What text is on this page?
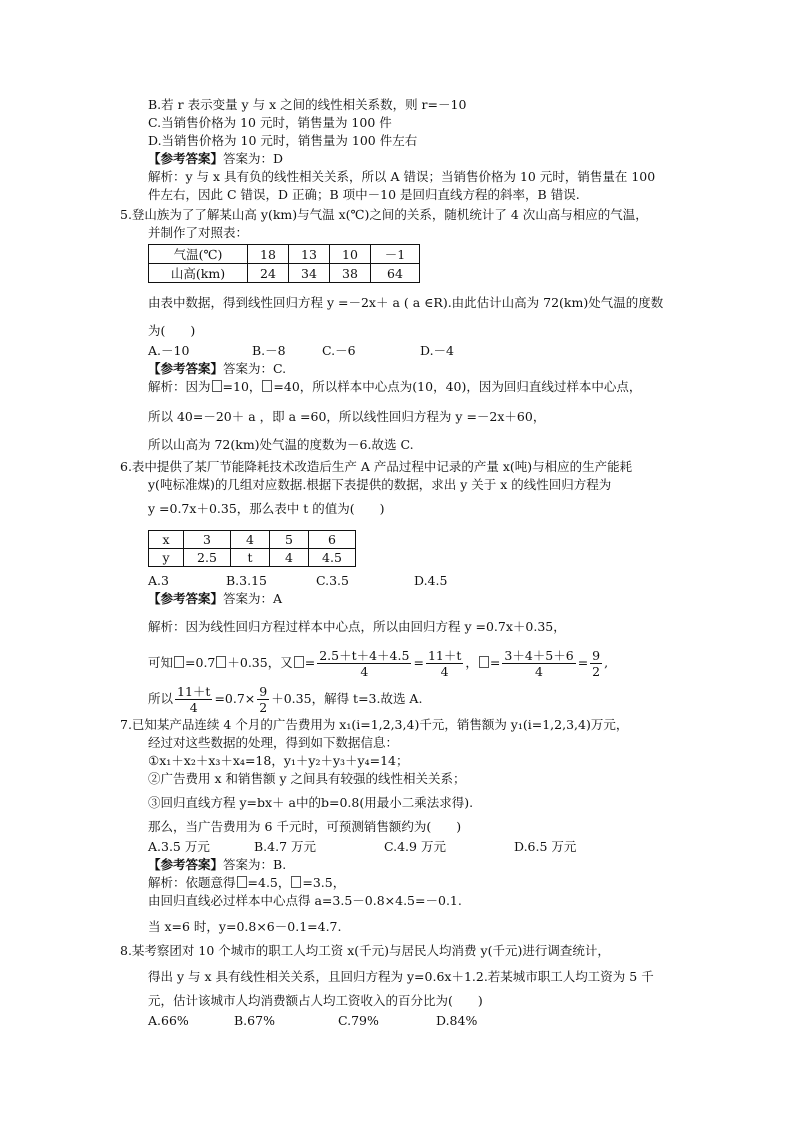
B.若 r 表示变量 y 与 x 之间的线性相关系数，则 r=－10
C.当销售价格为 10 元时，销售量为 100 件
D.当销售价格为 10 元时，销售量为 100 件左右
【参考答案】答案为：D
解析：y 与 x 具有负的线性相关关系，所以 A 错误；当销售价格为 10 元时，销售量在 100
件左右，因此 C 错误，D 正确；B 项中－10 是回归直线方程的斜率，B 错误.
5.登山族为了了解某山高 y(km)与气温 x(℃)之间的关系，随机统计了 4 次山高与相应的气温，
并制作了对照表：
气温(℃)	18	13	10	－1
山高(km)	24	34	38	64
由表中数据，得到线性回归方程 y =－2x＋ a ( a ∈R).由此估计山高为 72(km)处气温的度数
为(　　)
A.－10	B.－8	C.－6	D.－4
【参考答案】答案为：C.
解析：因为 =10， =40，所以样本中心点为(10，40)，因为回归直线过样本中心点，
所以 40=－20＋ a ，即 a =60，所以线性回归方程为 y =－2x＋60，
所以山高为 72(km)处气温的度数为－6.故选 C.
6.表中提供了某厂节能降耗技术改造后生产 A 产品过程中记录的产量 x(吨)与相应的生产能耗
y(吨标准煤)的几组对应数据.根据下表提供的数据，求出 y 关于 x 的线性回归方程为
y =0.7x＋0.35，那么表中 t 的值为(　　)
x	3	4	5	6
y	2.5	t	4	4.5
A.3	B.3.15	C.3.5	D.4.5
【参考答案】答案为：A
解析：因为线性回归方程过样本中心点，所以由回归方程 y =0.7x＋0.35，
可知 =0.7 ＋0.35，又 = $\frac{2.5+t+4+4.5}{4} = \frac{11+t}{4}$ ， = $\frac{3+4+5+6}{4} = \frac{9}{2}$ ,
所以 $\frac{11+t}{4} =0.7\times \frac{9}{2} +0.35$，解得 t=3.故选 A.
7.已知某产品连续 4 个月的广告费用为 x₁(i=1,2,3,4)千元，销售额为 y₁(i=1,2,3,4)万元，
经过对这些数据的处理，得到如下数据信息：
①x₁＋x₂＋x₃＋x₄=18，y₁＋y₂＋y₃＋y₄=14；
②广告费用 x 和销售额 y 之间具有较强的线性相关关系；
③回归直线方程 y=bx＋ a中的b=0.8(用最小二乘法求得).
那么，当广告费用为 6 千元时，可预测销售额约为(　　)
A.3.5 万元	B.4.7 万元	C.4.9 万元	D.6.5 万元
【参考答案】答案为：B.
解析：依题意得 =4.5， =3.5，
由回归直线必过样本中心点得 a=3.5－0.8×4.5=－0.1.
当 x=6 时，y=0.8×6－0.1=4.7.
8.某考察团对 10 个城市的职工人均工资 x(千元)与居民人均消费 y(千元)进行调查统计，
得出 y 与 x 具有线性相关关系，且回归方程为 y=0.6x＋1.2.若某城市职工人均工资为 5 千
元，估计该城市人均消费额占人均工资收入的百分比为(　　)
A.66%	B.67%	C.79%	D.84%
